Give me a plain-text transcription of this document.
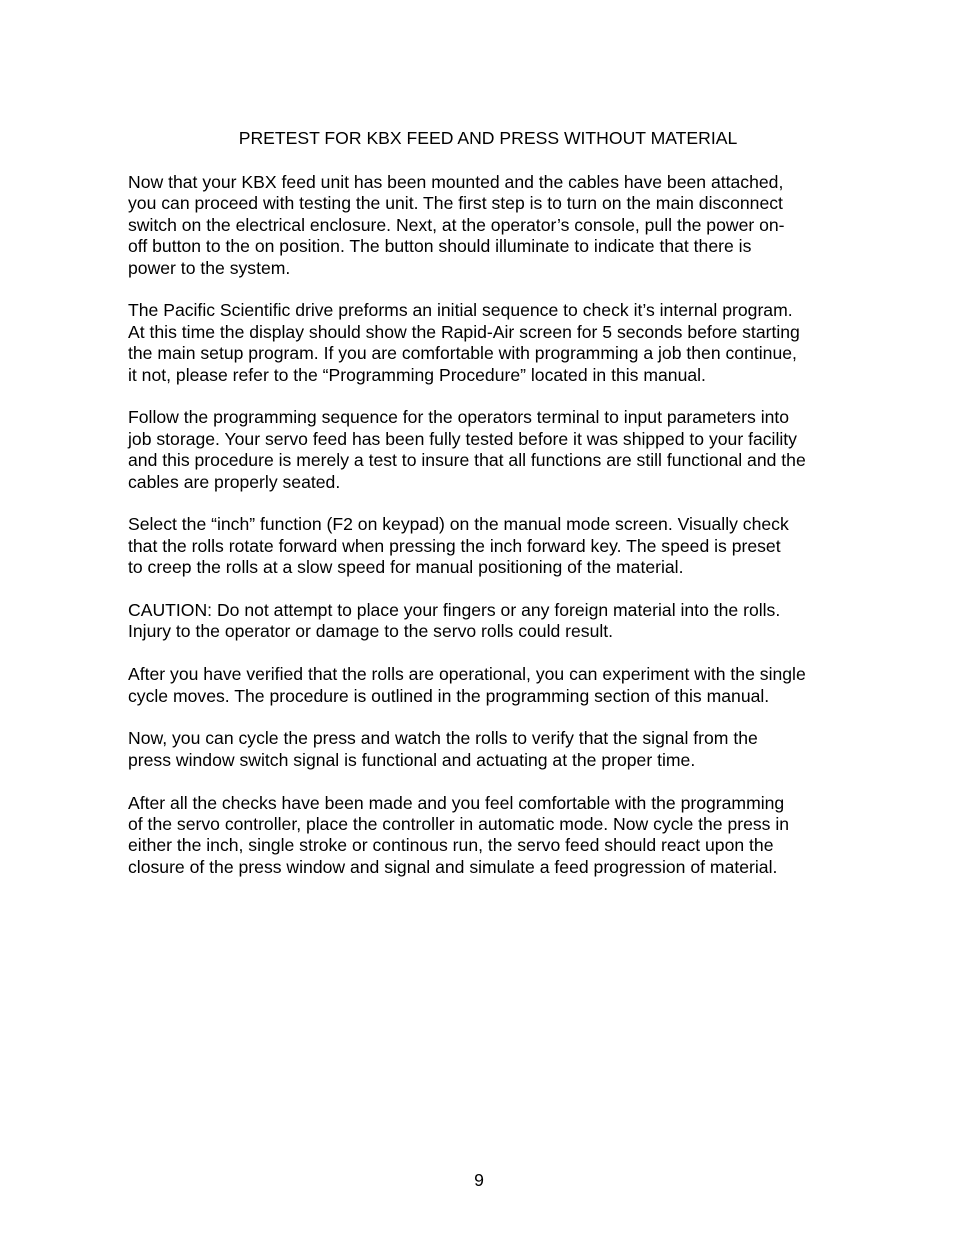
PRETEST FOR KBX FEED AND PRESS WITHOUT MATERIAL

Now that your KBX feed unit has been mounted and the cables have been attached,
you can proceed with testing the unit. The first step is to turn on the main disconnect
switch on the electrical enclosure. Next, at the operator’s console, pull the power on-
off button to the on position. The button should illuminate to indicate that there is
power to the system.

The Pacific Scientific drive preforms an initial sequence to check it’s internal program.
At this time the display should show the Rapid-Air screen for 5 seconds before starting
the main setup program. If you are comfortable with programming a job then continue,
it not, please refer to the “Programming Procedure” located in this manual.

Follow the programming sequence for the operators terminal to input parameters into
job storage. Your servo feed has been fully tested before it was shipped to your facility
and this procedure is merely a test to insure that all functions are still functional and the
cables are properly seated.

Select the “inch” function (F2 on keypad) on the manual mode screen. Visually check
that the rolls rotate forward when pressing the inch forward key. The speed is preset
to creep the rolls at a slow speed for manual positioning of the material.

CAUTION: Do not attempt to place your fingers or any foreign material into the rolls.
Injury to the operator or damage to the servo rolls could result.

After you have verified that the rolls are operational, you can experiment with the single
cycle moves. The procedure is outlined in the programming section of this manual.

Now, you can cycle the press and watch the rolls to verify that the signal from the
press window switch signal is functional and actuating at the proper time.

After all the checks have been made and you feel comfortable with the programming
of the servo controller, place the controller in automatic mode. Now cycle the press in
either the inch, single stroke or continous run, the servo feed should react upon the
closure of the press window and signal and simulate a feed progression of material.

9
